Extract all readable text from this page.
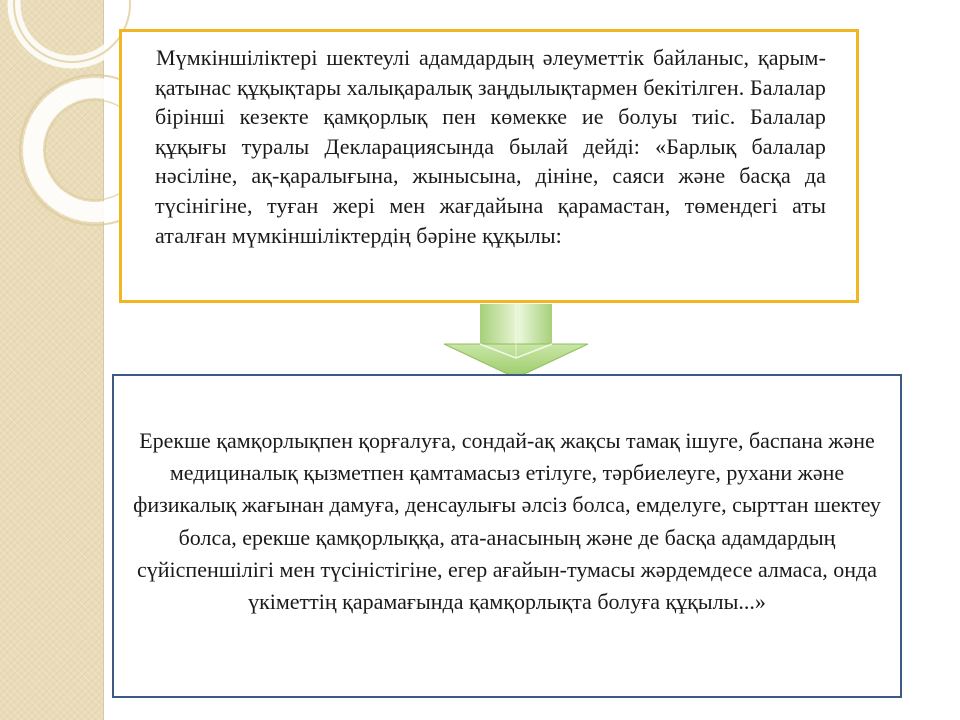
Мүмкіншіліктері шектеулі адамдардың әлеуметтік байланыс, қарым-қатынас құқықтары халықаралық заңдылықтармен бекітілген. Балалар бірінші кезекте қамқорлық пен көмекке ие болуы тиіс. Балалар құқығы туралы Декларациясында былай дейді: «Барлық балалар нәсіліне, ақ-қаралығына, жынысына, дініне, саяси және басқа да түсінігіне, туған жері мен жағдайына қарамастан, төмендегі аты аталған мүмкіншіліктердің бәріне құқылы:

Ерекше қамқорлықпен қорғалуға, сондай-ақ жақсы тамақ ішуге, баспана және медициналық қызметпен қамтамасыз етілуге, тәрбиелеуге, рухани және физикалық жағынан дамуға, денсаулығы әлсіз болса, емделуге, сырттан шектеу болса, ерекше қамқорлыққа, ата-анасының және де басқа адамдардың сүйіспеншілігі мен түсіністігіне, егер ағайын-тумасы жәрдемдесе алмаса, онда үкіметтің қарамағында қамқорлықта болуға құқылы...»
